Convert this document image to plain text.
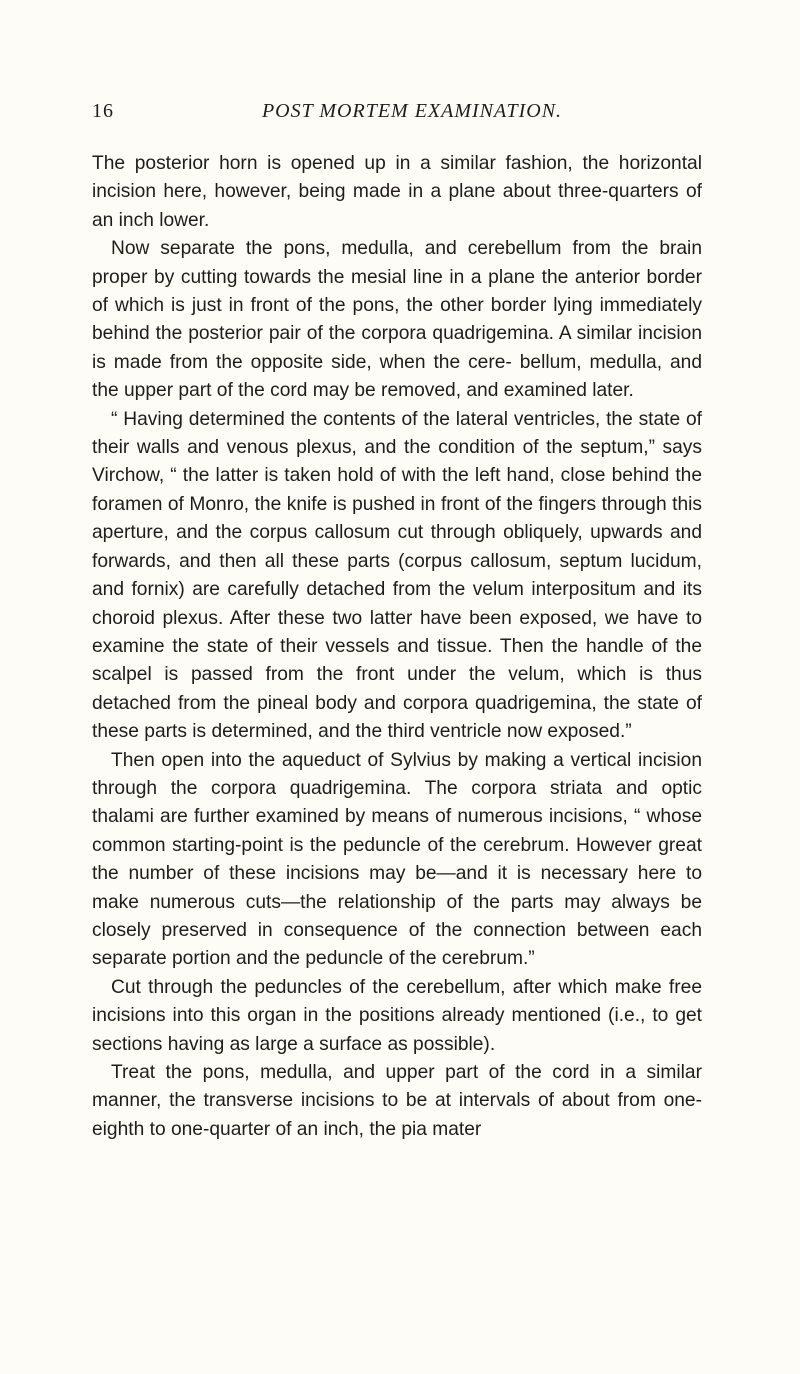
16	POST MORTEM EXAMINATION.

The posterior horn is opened up in a similar fashion, the horizontal incision here, however, being made in a plane about three-quarters of an inch lower.

Now separate the pons, medulla, and cerebellum from the brain proper by cutting towards the mesial line in a plane the anterior border of which is just in front of the pons, the other border lying immediately behind the posterior pair of the corpora quadrigemina. A similar incision is made from the opposite side, when the cere- bellum, medulla, and the upper part of the cord may be removed, and examined later.

“ Having determined the contents of the lateral ventricles, the state of their walls and venous plexus, and the condition of the septum,” says Virchow, “ the latter is taken hold of with the left hand, close behind the foramen of Monro, the knife is pushed in front of the fingers through this aperture, and the corpus callosum cut through obliquely, upwards and forwards, and then all these parts (corpus callosum, septum lucidum, and fornix) are carefully detached from the velum interpositum and its choroid plexus. After these two latter have been exposed, we have to examine the state of their vessels and tissue. Then the handle of the scalpel is passed from the front under the velum, which is thus detached from the pineal body and corpora quadrigemina, the state of these parts is determined, and the third ventricle now exposed.”

Then open into the aqueduct of Sylvius by making a vertical incision through the corpora quadrigemina. The corpora striata and optic thalami are further examined by means of numerous incisions, “ whose common starting-point is the peduncle of the cerebrum. However great the number of these incisions may be—and it is necessary here to make numerous cuts—the relationship of the parts may always be closely preserved in consequence of the connection between each separate portion and the peduncle of the cerebrum.”

Cut through the peduncles of the cerebellum, after which make free incisions into this organ in the positions already mentioned (i.e., to get sections having as large a surface as possible).

Treat the pons, medulla, and upper part of the cord in a similar manner, the transverse incisions to be at intervals of about from one-eighth to one-quarter of an inch, the pia mater
